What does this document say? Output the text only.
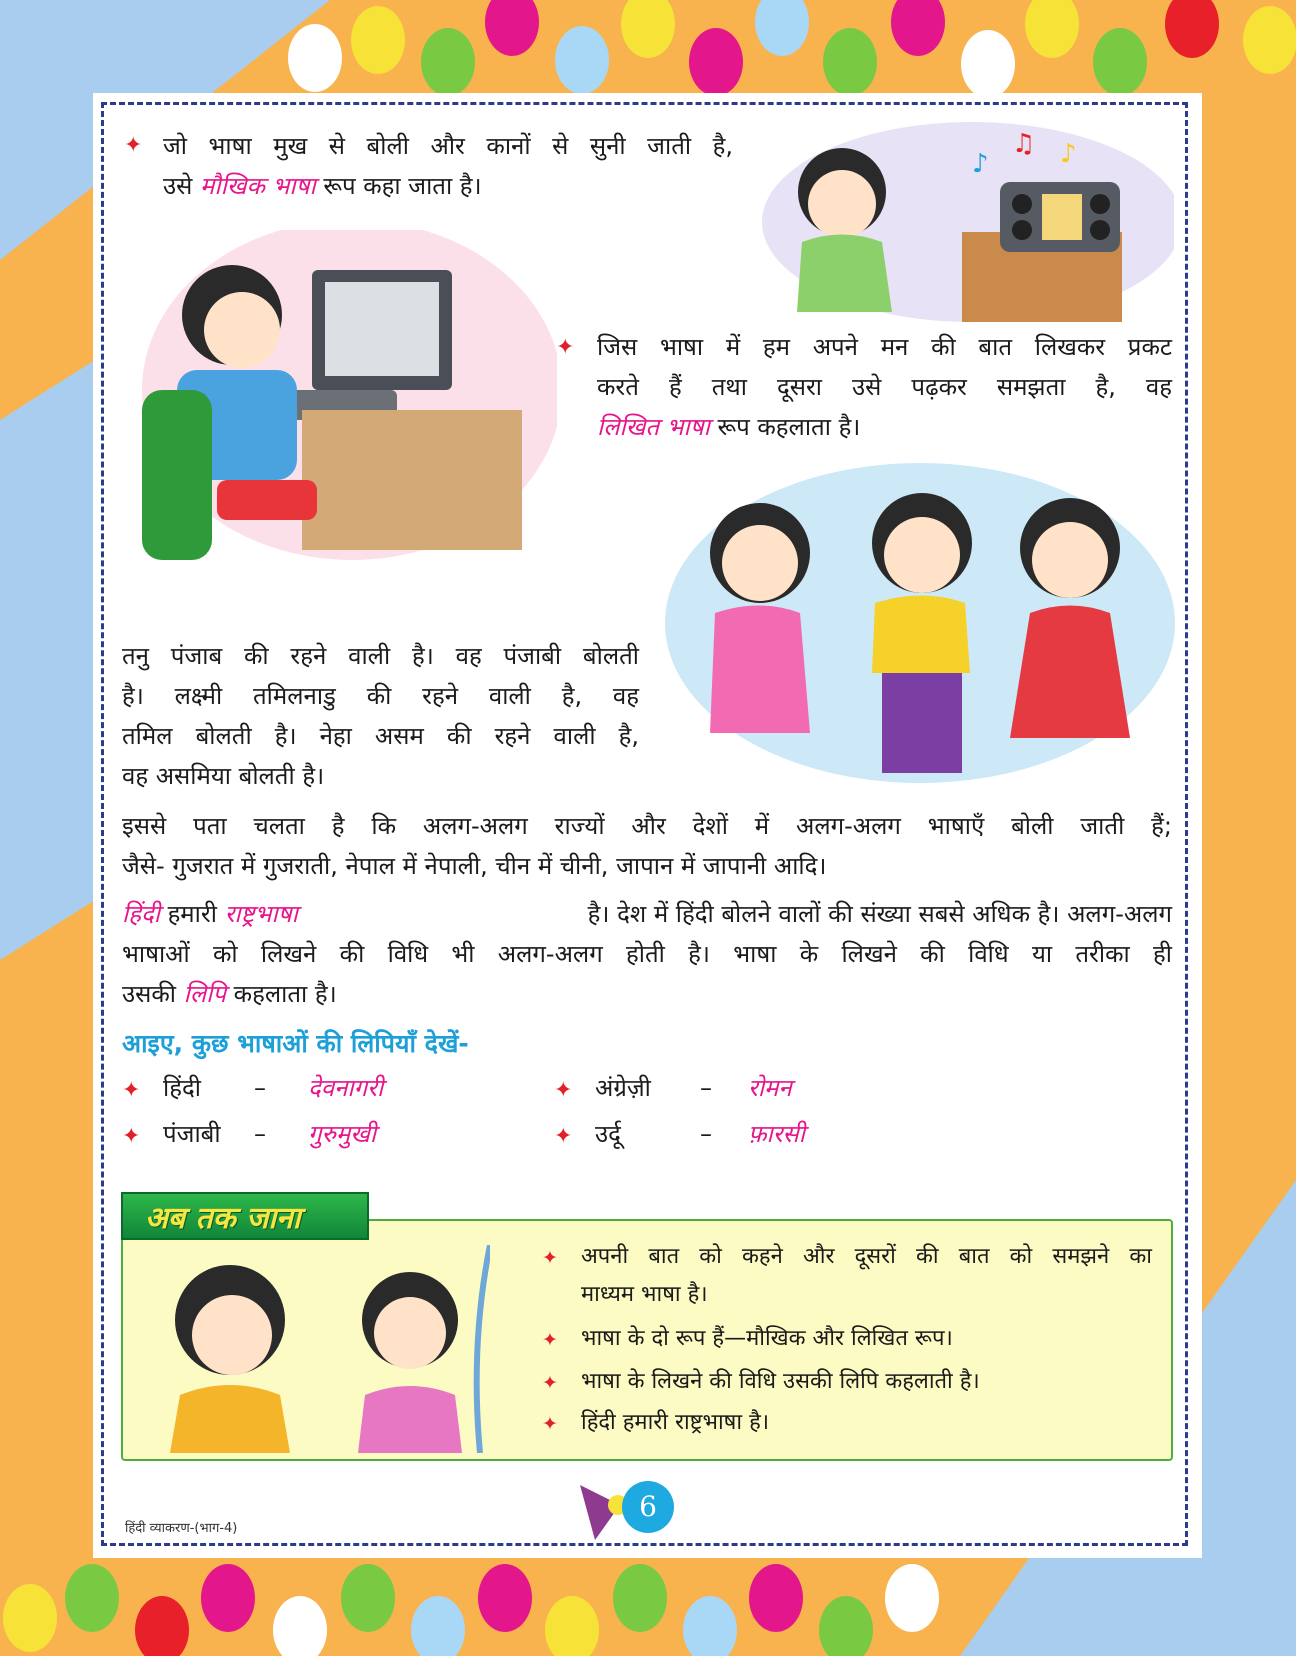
♪
♫ ♪
✦ जो भाषा मुख से बोली और कानों से सुनी जाती है,
उसे मौखिक भाषा रूप कहा जाता है।
✦ जिस भाषा में हम अपने मन की बात लिखकर प्रकट
करते हैं तथा दूसरा उसे पढ़कर समझता है, वह
लिखित भाषा रूप कहलाता है।
तनु पंजाब की रहने वाली है। वह पंजाबी बोलती
है। लक्ष्मी तमिलनाडु की रहने वाली है, वह
तमिल बोलती है। नेहा असम की रहने वाली है,
वह असमिया बोलती है।
इससे पता चलता है कि अलग-अलग राज्यों और देशों में अलग-अलग भाषाएँ बोली जाती हैं;
जैसे- गुजरात में गुजराती, नेपाल में नेपाली, चीन में चीनी, जापान में जापानी आदि।
हिंदी हमारी राष्ट्रभाषा	है। देश में हिंदी बोलने वालों की संख्या सबसे अधिक है। अलग-अलग
भाषाओं को लिखने की विधि भी अलग-अलग होती है। भाषा के लिखने की विधि या तरीका ही
उसकी लिपि कहलाता है।
आइए, कुछ भाषाओं की लिपियाँ देखें-
✦ हिंदी – देवनागरी	✦ अंग्रेज़ी – रोमन
✦ पंजाबी – गुरुमुखी	✦ उर्दू	– फ़ारसी
अब तक जाना
✦ अपनी बात को कहने और दूसरों की बात को समझने का
माध्यम भाषा है।
✦ भाषा के दो रूप हैं—मौखिक और लिखित रूप।
✦ भाषा के लिखने की विधि उसकी लिपि कहलाती है।
✦ हिंदी हमारी राष्ट्रभाषा है।
6
हिंदी व्याकरण-(भाग-4)
